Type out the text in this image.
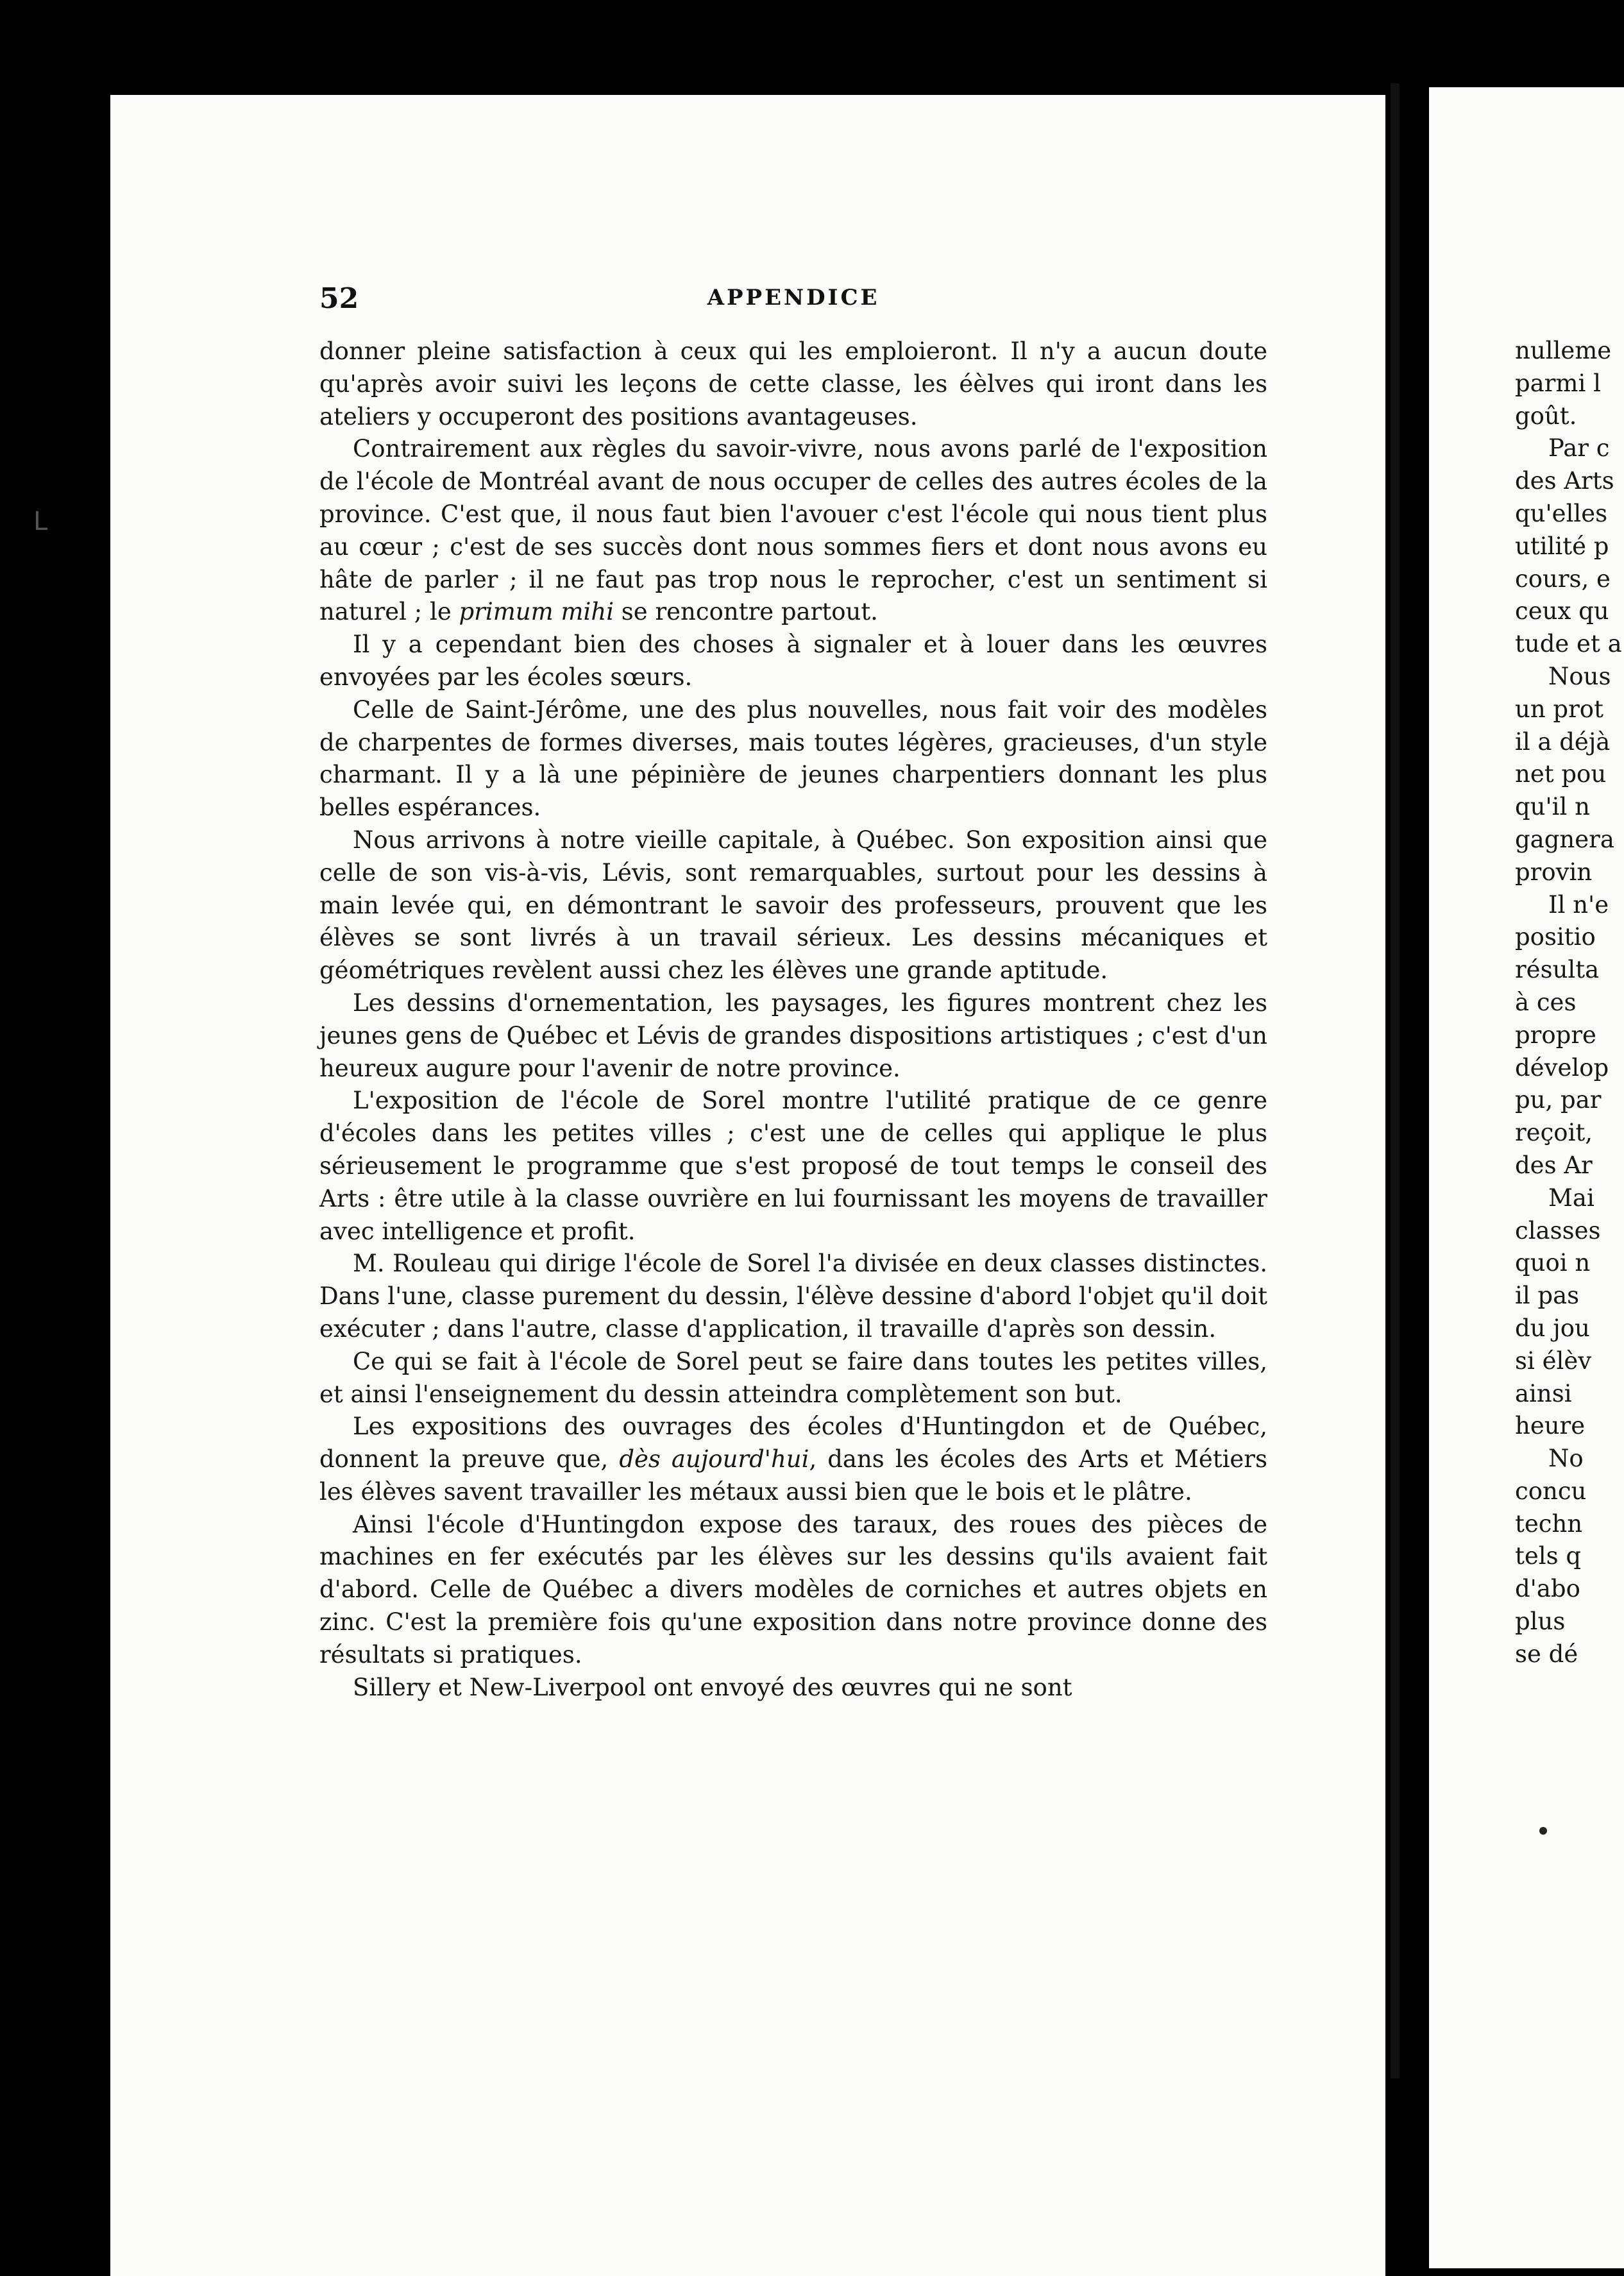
L
52	APPENDICE

donner pleine satisfaction à ceux qui les emploieront. Il n'y a aucun doute qu'après avoir suivi les leçons de cette classe, les éèlves qui iront dans les ateliers y occuperont des positions avantageuses.

Contrairement aux règles du savoir-vivre, nous avons parlé de l'exposition de l'école de Montréal avant de nous occuper de celles des autres écoles de la province. C'est que, il nous faut bien l'avouer c'est l'école qui nous tient plus au cœur ; c'est de ses succès dont nous sommes fiers et dont nous avons eu hâte de parler ; il ne faut pas trop nous le reprocher, c'est un sentiment si naturel ; le primum mihi se rencontre partout.

Il y a cependant bien des choses à signaler et à louer dans les œuvres envoyées par les écoles sœurs.

Celle de Saint-Jérôme, une des plus nouvelles, nous fait voir des modèles de charpentes de formes diverses, mais toutes légères, gracieuses, d'un style charmant. Il y a là une pépinière de jeunes charpentiers donnant les plus belles espérances.

Nous arrivons à notre vieille capitale, à Québec. Son exposition ainsi que celle de son vis-à-vis, Lévis, sont remarquables, surtout pour les dessins à main levée qui, en démontrant le savoir des professeurs, prouvent que les élèves se sont livrés à un travail sérieux. Les dessins mécaniques et géométriques revèlent aussi chez les élèves une grande aptitude.

Les dessins d'ornementation, les paysages, les figures montrent chez les jeunes gens de Québec et Lévis de grandes dispositions artistiques ; c'est d'un heureux augure pour l'avenir de notre province.

L'exposition de l'école de Sorel montre l'utilité pratique de ce genre d'écoles dans les petites villes ; c'est une de celles qui applique le plus sérieusement le programme que s'est proposé de tout temps le conseil des Arts : être utile à la classe ouvrière en lui fournissant les moyens de travailler avec intelligence et profit.

M. Rouleau qui dirige l'école de Sorel l'a divisée en deux classes distinctes. Dans l'une, classe purement du dessin, l'élève dessine d'abord l'objet qu'il doit exécuter ; dans l'autre, classe d'application, il travaille d'après son dessin.

Ce qui se fait à l'école de Sorel peut se faire dans toutes les petites villes, et ainsi l'enseignement du dessin atteindra complètement son but.

Les expositions des ouvrages des écoles d'Huntingdon et de Québec, donnent la preuve que, dès aujourd'hui, dans les écoles des Arts et Métiers les élèves savent travailler les métaux aussi bien que le bois et le plâtre.

Ainsi l'école d'Huntingdon expose des taraux, des roues des pièces de machines en fer exécutés par les élèves sur les dessins qu'ils avaient fait d'abord. Celle de Québec a divers modèles de corniches et autres objets en zinc. C'est la première fois qu'une exposition dans notre province donne des résultats si pratiques.

Sillery et New-Liverpool ont envoyé des œuvres qui ne sont

nulleme
parmi l
goût.
Par c
des Arts
qu'elles
utilité p
cours, e
ceux qu
tude et a
Nous
un prot
il a déjà
net pou
qu'il n
gagnera
provin
Il n'e
positio
résulta
à ces
propre
dévelop
pu, par
reçoit,
des Ar
Mai
classes
quoi n
il pas
du jou
si élèv
ainsi
heure
No
concu
techn
tels q
d'abo
plus
se dé
